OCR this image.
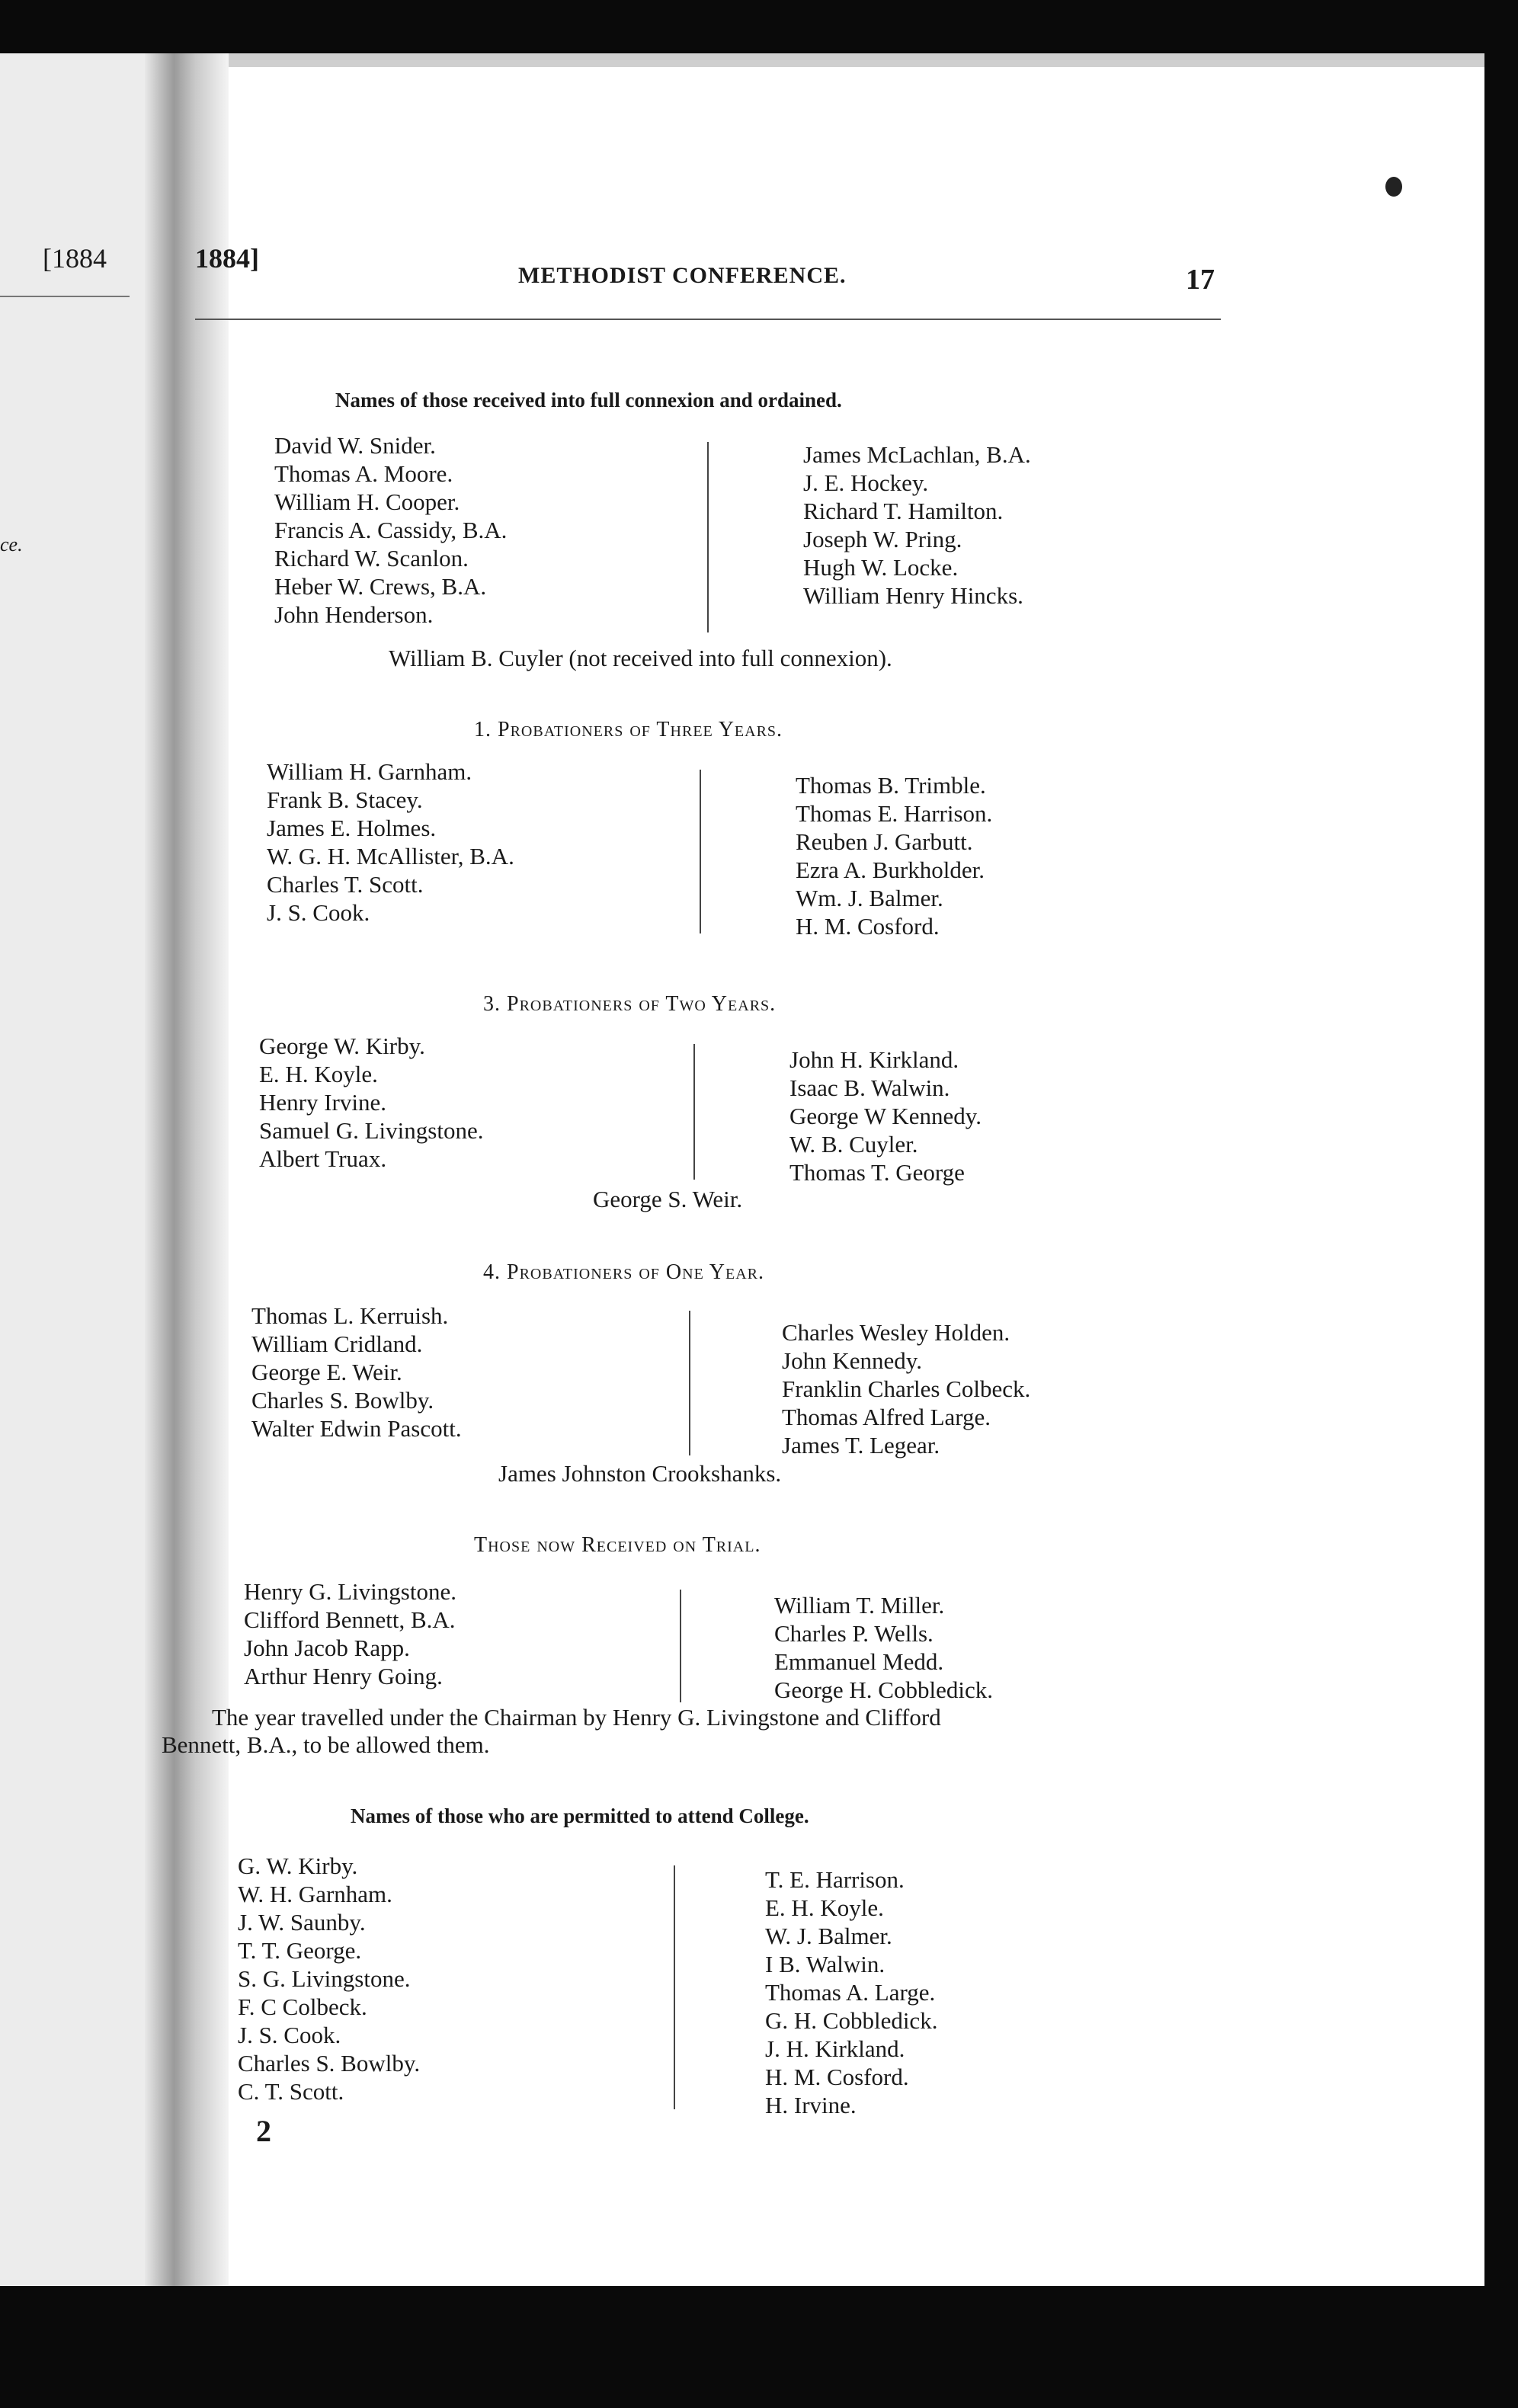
[1884
ce.
1884]
METHODIST CONFERENCE.	17
Names of those received into full connexion and ordained.
David W. Snider.
Thomas A. Moore.
William H. Cooper.
Francis A. Cassidy, B.A.
Richard W. Scanlon.
Heber W. Crews, B.A.
John Henderson.
James McLachlan, B.A.
J. E. Hockey.
Richard T. Hamilton.
Joseph W. Pring.
Hugh W. Locke.
William Henry Hincks.
William B. Cuyler (not received into full connexion).
1. Probationers of Three Years.
William H. Garnham.
Frank B. Stacey.
James E. Holmes.
W. G. H. McAllister, B.A.
Charles T. Scott.
J. S. Cook.
Thomas B. Trimble.
Thomas E. Harrison.
Reuben J. Garbutt.
Ezra A. Burkholder.
Wm. J. Balmer.
H. M. Cosford.
3. Probationers of Two Years.
George W. Kirby.
E. H. Koyle.
Henry Irvine.
Samuel G. Livingstone.
Albert Truax.
John H. Kirkland.
Isaac B. Walwin.
George W Kennedy.
W. B. Cuyler.
Thomas T. George
George S. Weir.
4. Probationers of One Year.
Thomas L. Kerruish.
William Cridland.
George E. Weir.
Charles S. Bowlby.
Walter Edwin Pascott.
Charles Wesley Holden.
John Kennedy.
Franklin Charles Colbeck.
Thomas Alfred Large.
James T. Legear.
James Johnston Crookshanks.
Those now Received on Trial.
Henry G. Livingstone.
Clifford Bennett, B.A.
John Jacob Rapp.
Arthur Henry Going.
William T. Miller.
Charles P. Wells.
Emmanuel Medd.
George H. Cobbledick.
The year travelled under the Chairman by Henry G. Livingstone and Clifford
Bennett, B.A., to be allowed them.
Names of those who are permitted to attend College.
G. W. Kirby.
W. H. Garnham.
J. W. Saunby.
T. T. George.
S. G. Livingstone.
F. C Colbeck.
J. S. Cook.
Charles S. Bowlby.
C. T. Scott.
T. E. Harrison.
E. H. Koyle.
W. J. Balmer.
I B. Walwin.
Thomas A. Large.
G. H. Cobbledick.
J. H. Kirkland.
H. M. Cosford.
H. Irvine.
2
